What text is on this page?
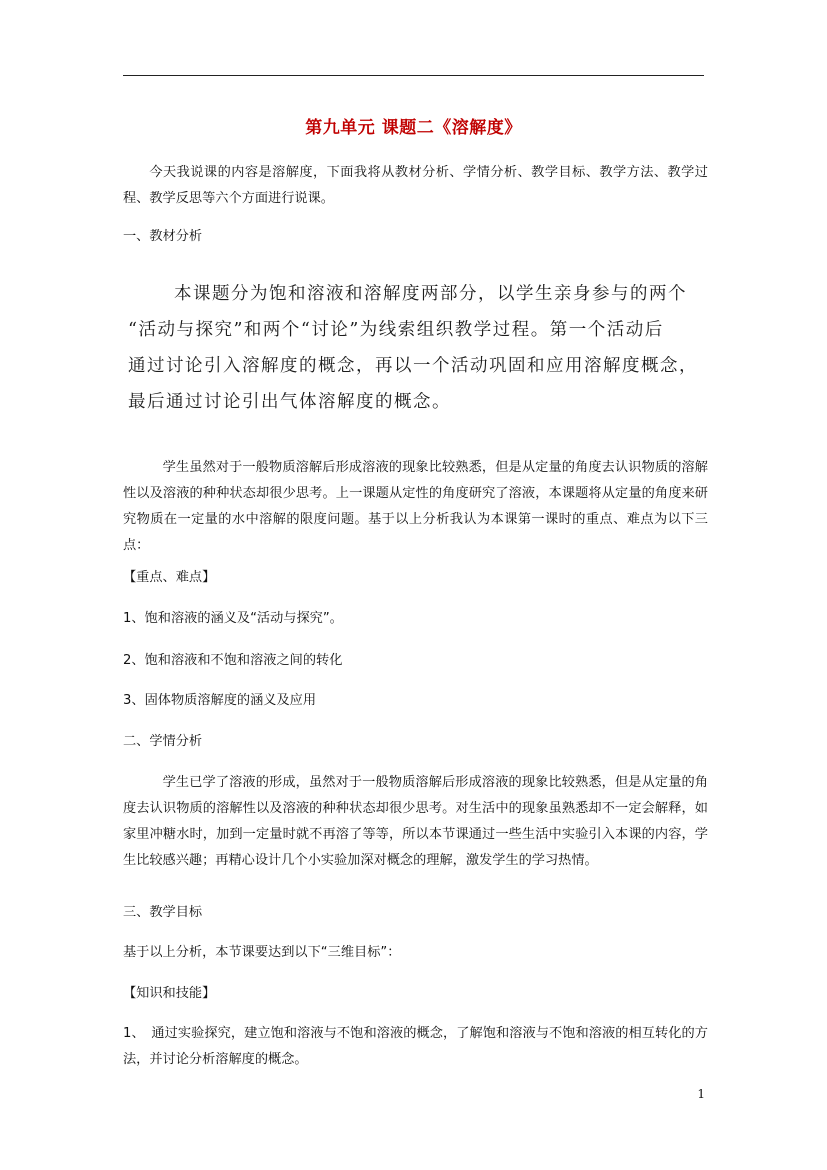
第九单元 课题二《溶解度》
今天我说课的内容是溶解度，下面我将从教材分析、学情分析、教学目标、教学方法、教学过程、教学反思等六个方面进行说课。
一、教材分析
本课题分为饱和溶液和溶解度两部分，以学生亲身参与的两个
“活动与探究”和两个“讨论”为线索组织教学过程。第一个活动后
通过讨论引入溶解度的概念，再以一个活动巩固和应用溶解度概念，
最后通过讨论引出气体溶解度的概念。
学生虽然对于一般物质溶解后形成溶液的现象比较熟悉，但是从定量的角度去认识物质的溶解性以及溶液的种种状态却很少思考。上一课题从定性的角度研究了溶液，本课题将从定量的角度来研究物质在一定量的水中溶解的限度问题。基于以上分析我认为本课第一课时的重点、难点为以下三点：
【重点、难点】
1、饱和溶液的涵义及“活动与探究”。
2、饱和溶液和不饱和溶液之间的转化
3、固体物质溶解度的涵义及应用
二、学情分析
学生已学了溶液的形成，虽然对于一般物质溶解后形成溶液的现象比较熟悉，但是从定量的角度去认识物质的溶解性以及溶液的种种状态却很少思考。对生活中的现象虽熟悉却不一定会解释，如家里冲糖水时，加到一定量时就不再溶了等等，所以本节课通过一些生活中实验引入本课的内容，学生比较感兴趣；再精心设计几个小实验加深对概念的理解，激发学生的学习热情。
三、教学目标
基于以上分析，本节课要达到以下“三维目标”：
【知识和技能】
1、　通过实验探究，建立饱和溶液与不饱和溶液的概念，了解饱和溶液与不饱和溶液的相互转化的方法，并讨论分析溶解度的概念。
1
